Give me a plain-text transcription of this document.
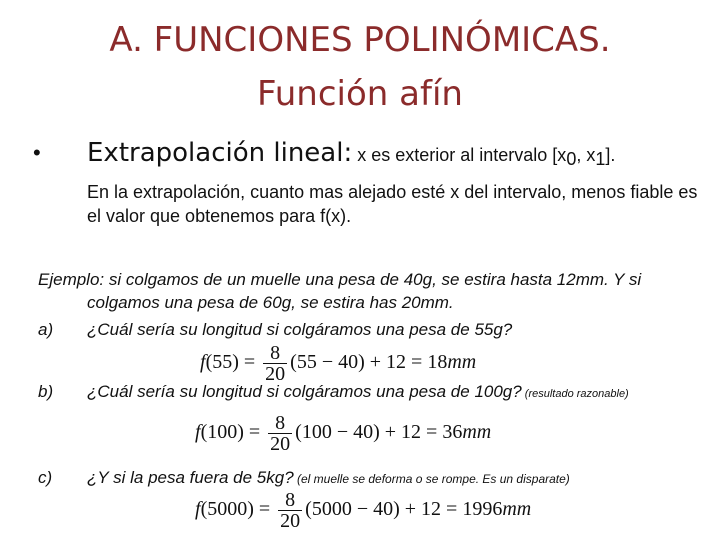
A. FUNCIONES POLINÓMICAS.
Función afín
• Extrapolación lineal: x es exterior al intervalo [$x_0$, $x_1$].
En la extrapolación, cuanto mas alejado esté x del intervalo, menos fiable es el valor que obtenemos para f(x).
Ejemplo: si colgamos de un muelle una pesa de 40g, se estira hasta 12mm. Y si
colgamos una pesa de 60g, se estira has 20mm.
a) ¿Cuál sería su longitud si colgáramos una pesa de 55g?
$f(55) = \frac{8}{20} (55 - 40) + 12 = 18mm$
b) ¿Cuál sería su longitud si colgáramos una pesa de 100g? (resultado razonable)
$f(100) = \frac{8}{20} (100 - 40) + 12 = 36mm$
c) ¿Y si la pesa fuera de 5kg? (el muelle se deforma o se rompe. Es un disparate)
$f(5000) = \frac{8}{20} (5000 - 40) + 12 = 1996mm$
